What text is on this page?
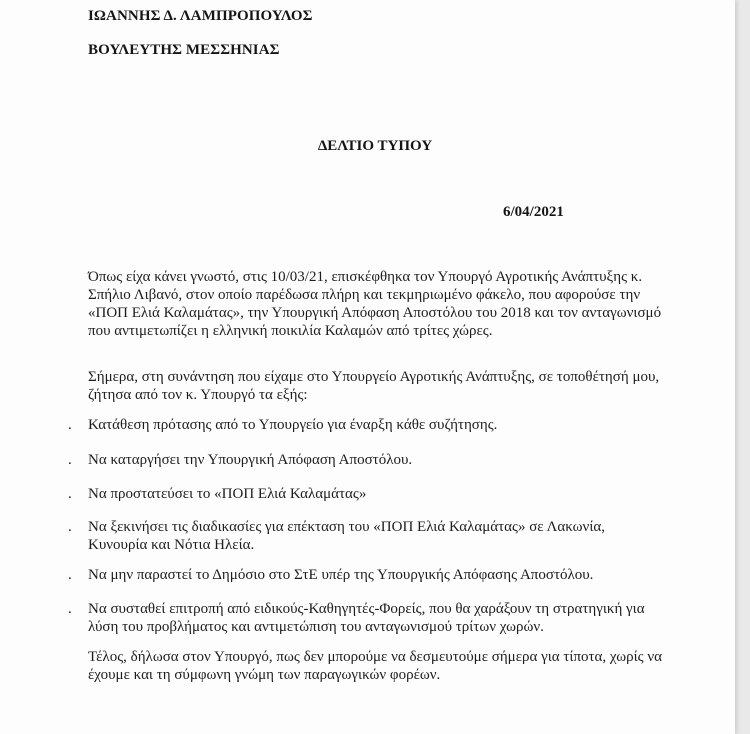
ΙΩΑΝΝΗΣ Δ. ΛΑΜΠΡΟΠΟΥΛΟΣ
ΒΟΥΛΕΥΤΗΣ ΜΕΣΣΗΝΙΑΣ
ΔΕΛΤΙΟ ΤΥΠΟΥ
6/04/2021
Όπως είχα κάνει γνωστό, στις 10/03/21, επισκέφθηκα τον Υπουργό Αγροτικής Ανάπτυξης κ. Σπήλιο Λιβανό, στον οποίο παρέδωσα πλήρη και τεκμηριωμένο φάκελο, που αφορούσε την «ΠΟΠ Ελιά Καλαμάτας», την Υπουργική Απόφαση Αποστόλου του 2018 και τον ανταγωνισμό που αντιμετωπίζει η ελληνική ποικιλία Καλαμών από τρίτες χώρες.
Σήμερα, στη συνάντηση που είχαμε στο Υπουργείο Αγροτικής Ανάπτυξης, σε τοποθέτησή μου, ζήτησα από τον κ. Υπουργό τα εξής:
.	Κατάθεση πρότασης από το Υπουργείο για έναρξη κάθε συζήτησης.
.	Να καταργήσει την Υπουργική Απόφαση Αποστόλου.
.	Να προστατεύσει το «ΠΟΠ Ελιά Καλαμάτας»
.	Να ξεκινήσει τις διαδικασίες για επέκταση του «ΠΟΠ Ελιά Καλαμάτας» σε Λακωνία, Κυνουρία και Νότια Ηλεία.
.	Να μην παραστεί το Δημόσιο στο ΣτΕ υπέρ της Υπουργικής Απόφασης Αποστόλου.
.	Να συσταθεί επιτροπή από ειδικούς-Καθηγητές-Φορείς, που θα χαράξουν τη στρατηγική για λύση του προβλήματος και αντιμετώπιση του ανταγωνισμού τρίτων χωρών.
Τέλος, δήλωσα στον Υπουργό, πως δεν μπορούμε να δεσμευτούμε σήμερα για τίποτα, χωρίς να έχουμε και τη σύμφωνη γνώμη των παραγωγικών φορέων.
